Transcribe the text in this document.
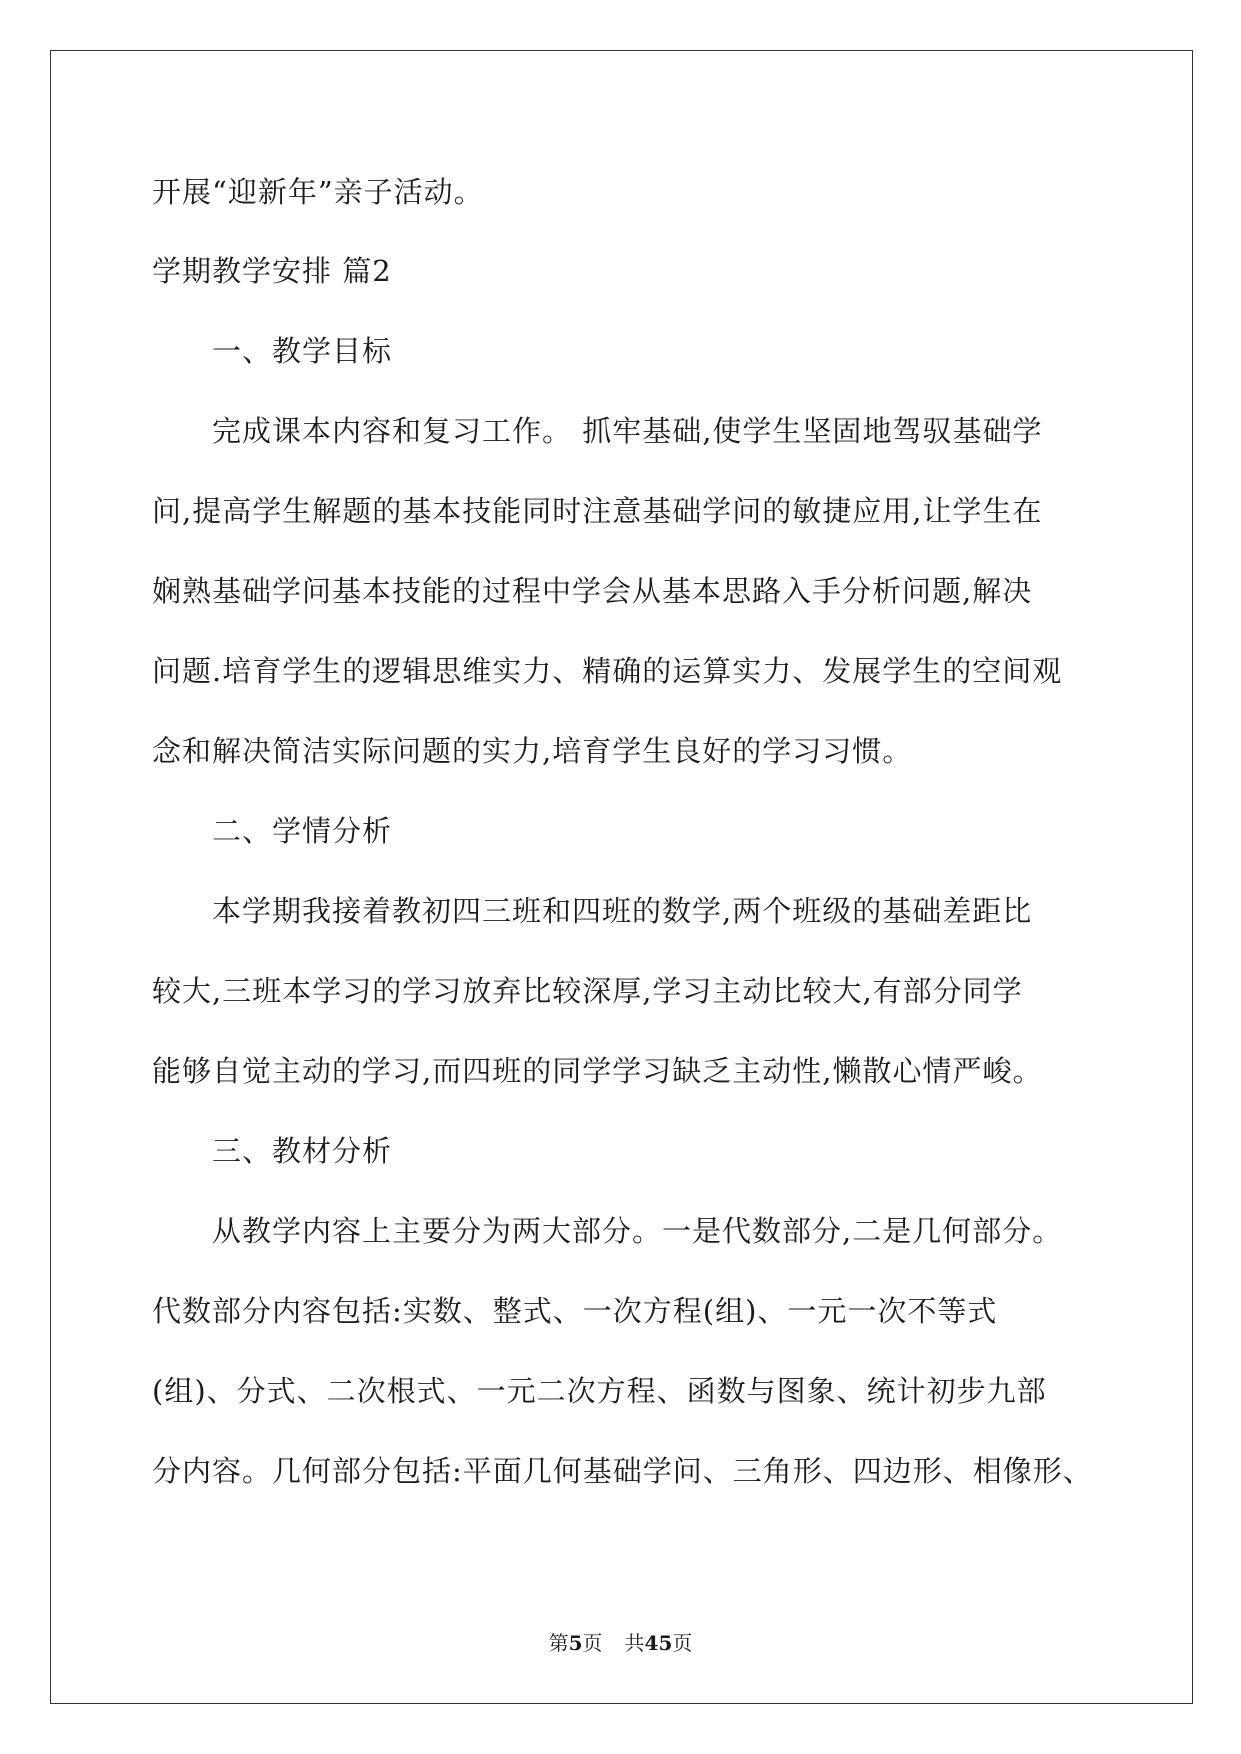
开展“迎新年”亲子活动。
学期教学安排 篇2
一、教学目标
完成课本内容和复习工作。 抓牢基础,使学生坚固地驾驭基础学
问,提高学生解题的基本技能同时注意基础学问的敏捷应用,让学生在
娴熟基础学问基本技能的过程中学会从基本思路入手分析问题,解决
问题.培育学生的逻辑思维实力、精确的运算实力、发展学生的空间观
念和解决简洁实际问题的实力,培育学生良好的学习习惯。
二、学情分析
本学期我接着教初四三班和四班的数学,两个班级的基础差距比
较大,三班本学习的学习放弃比较深厚,学习主动比较大,有部分同学
能够自觉主动的学习,而四班的同学学习缺乏主动性,懒散心情严峻。
三、教材分析
从教学内容上主要分为两大部分。一是代数部分,二是几何部分。
代数部分内容包括:实数、整式、一次方程(组)、一元一次不等式
(组)、分式、二次根式、一元二次方程、函数与图象、统计初步九部
分内容。几何部分包括:平面几何基础学问、三角形、四边形、相像形、
第5页 共45页
